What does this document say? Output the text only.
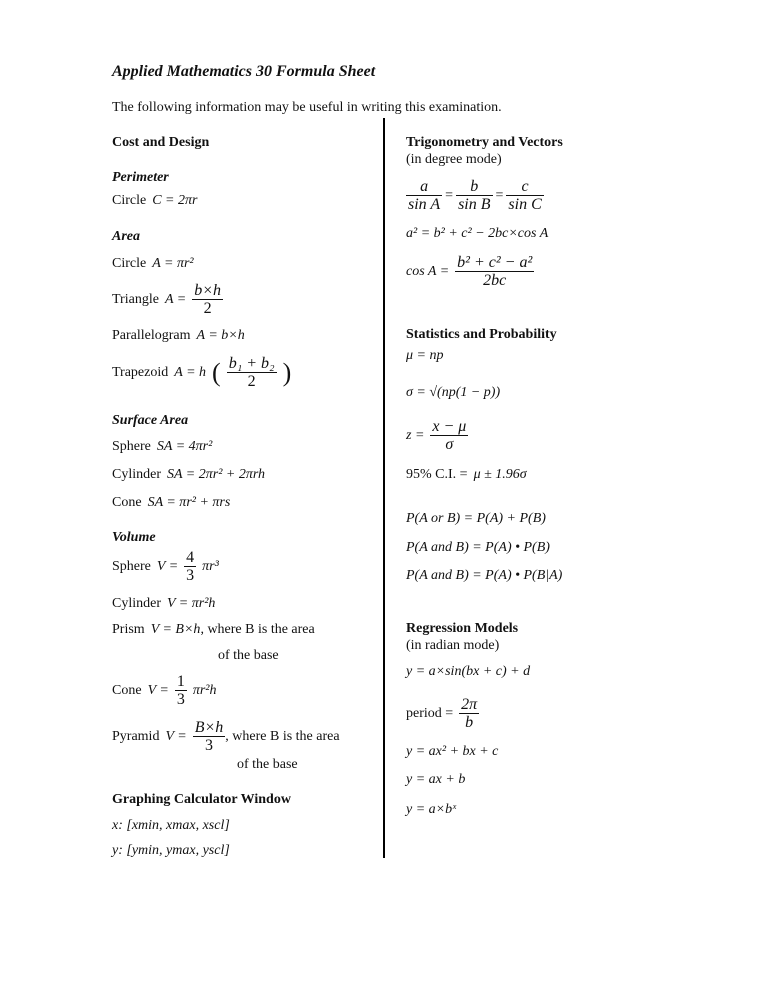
Applied Mathematics 30 Formula Sheet
The following information may be useful in writing this examination.
Cost and Design
Perimeter
Circle C = 2πr
Area
Circle A = πr²
Triangle $A = \frac{b\times h}{2}$
Parallelogram A = b×h
Trapezoid A = h ( $\frac{\text{b₁ + b₂}}{2}$ )
Surface Area
Sphere SA = 4πr²
Cylinder SA = 2πr² + 2πrh
Cone SA = πr² + πrs
Volume
Sphere $V = \frac{4}{3} \pi r^3$
Cylinder V = πr²h
Prism V = B×h , where B is the area
of the base
Cone $V = \frac{1}{3} \pi r^2h$
Pyramid $V = \frac{B\times h}{3}$ , where B is the area
of the base
Graphing Calculator Window
x: [xmin, xmax, xscl]
y: [ymin, ymax, yscl]
Trigonometry and Vectors
(in degree mode)
$\frac{a}{\text{sin A}} = \frac{b}{\text{sin B}} = \frac{c}{\text{sin C}}$
a² = b² + c² − 2bc×cos A
$\cos A = \frac{\text{b² + c² − a²}}{2bc}$
Statistics and Probability
μ = np
σ = √(np(1 − p))
$z = \frac{x - \mu}{\sigma}$
95% C.I. = μ ± 1.96σ
P(A or B) = P(A) + P(B)
P(A and B) = P(A) • P(B)
P(A and B) = P(A) • P(B|A)
Regression Models
(in radian mode)
y = a×sin(bx + c) + d
period = $\frac{2\pi}{b}$
y = ax² + bx + c
y = ax + b
y = a×bˣ
